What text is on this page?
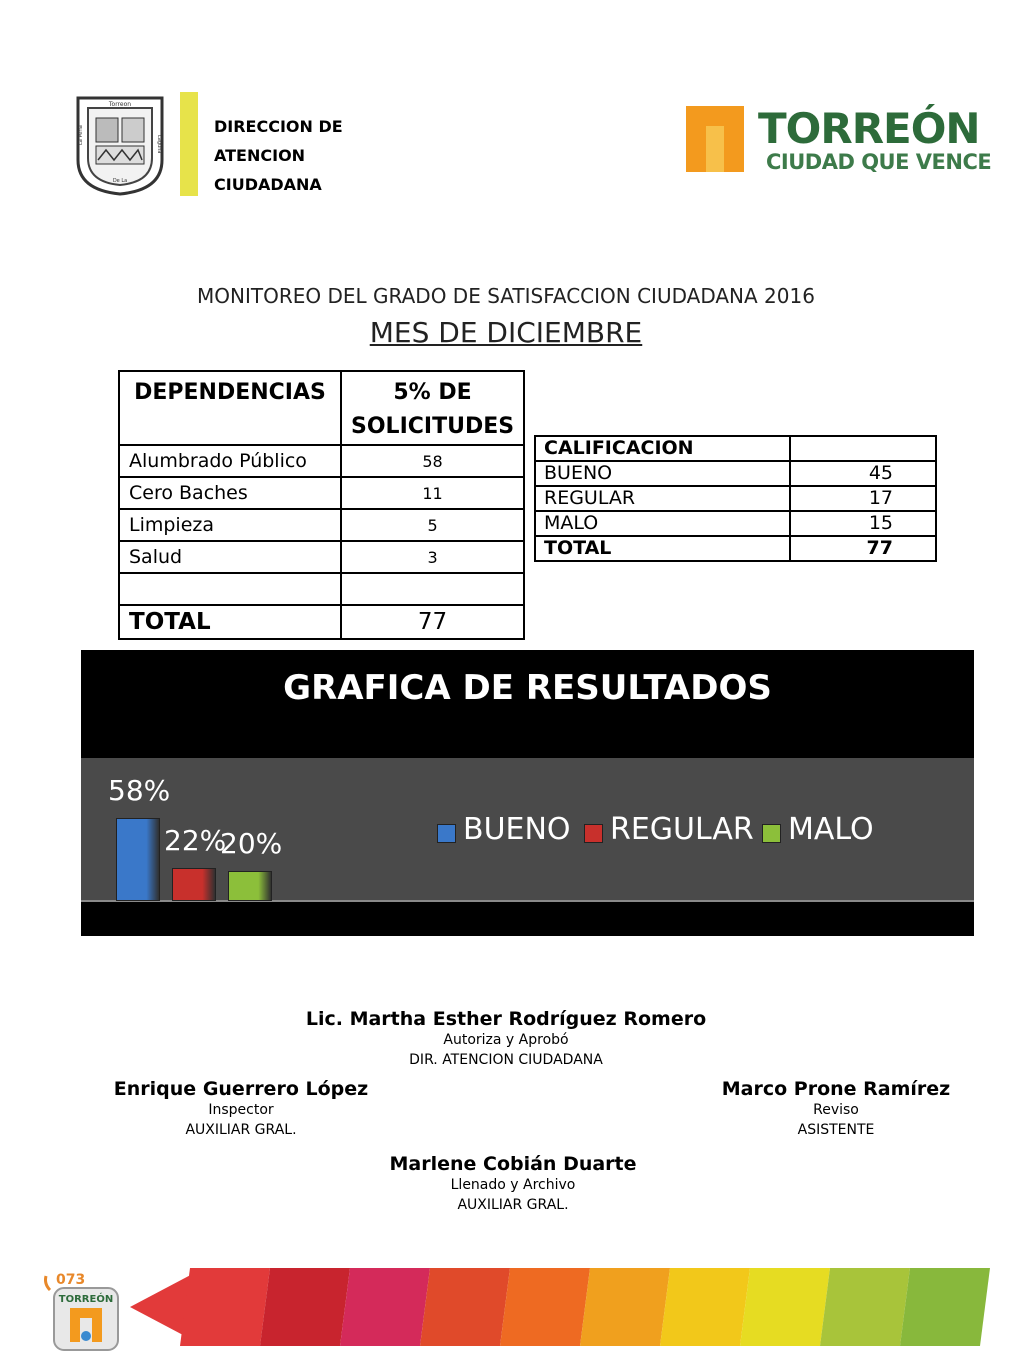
Torreon
La Perla	Laguna
De La
DIRECCION DE
ATENCION
CIUDADANA
TORREÓN
CIUDAD QUE VENCE
MONITOREO DEL GRADO DE SATISFACCION CIUDADANA 2016
MES DE DICIEMBRE
DEPENDENCIAS	5% DE SOLICITUDES
Alumbrado Público	58
Cero Baches	11
Limpieza	5
Salud	3

TOTAL	77
CALIFICACION	
BUENO	45
REGULAR	17
MALO	15
TOTAL	77
GRAFICA DE RESULTADOS
58%
22%
20%	BUENO REGULAR MALO
Lic. Martha Esther Rodríguez Romero
Autoriza y Aprobó
DIR. ATENCION CIUDADANA
Enrique Guerrero López
Inspector
AUXILIAR GRAL.
Marco Prone Ramírez
Reviso
ASISTENTE
Marlene Cobián Duarte
Llenado y Archivo
AUXILIAR GRAL.
073
TORREÓN
